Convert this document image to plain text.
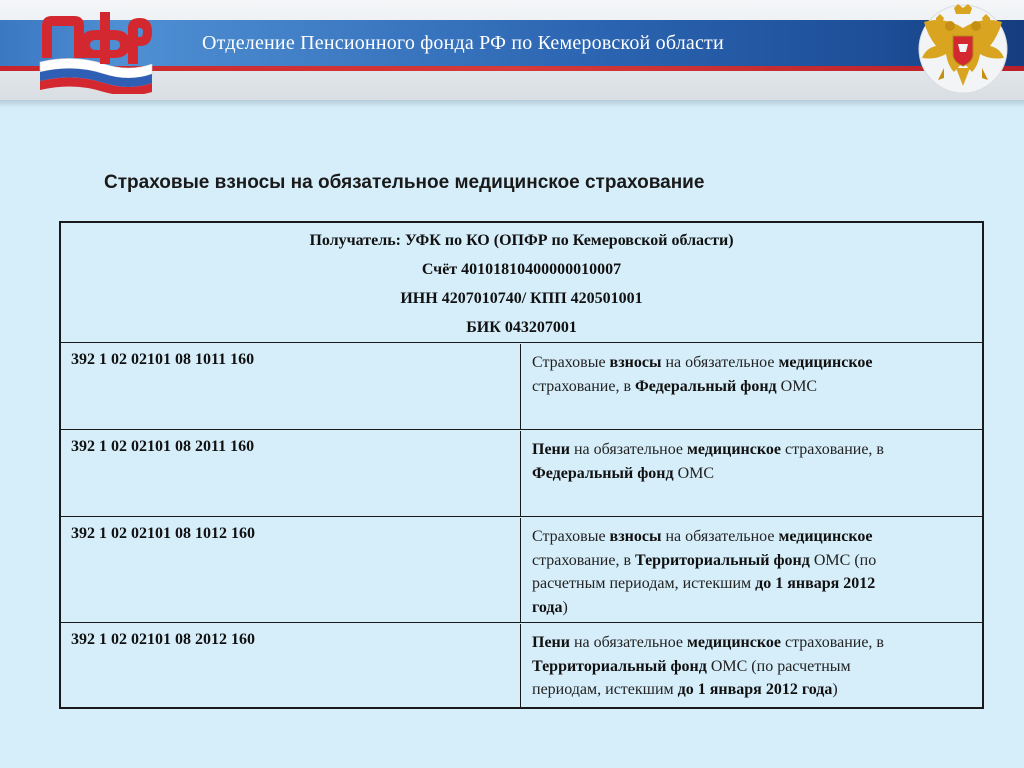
Отделение Пенсионного фонда РФ по Кемеровской области
Страховые взносы на обязательное медицинское страхование
Получатель: УФК по КО (ОПФР по Кемеровской области)
Счёт 40101810400000010007
ИНН 4207010740/ КПП 420501001
БИК 043207001
392 1 02 02101 08 1011 160	Страховые взносы на обязательное медицинское
страхование, в Федеральный фонд ОМС
392 1 02 02101 08 2011 160	Пени на обязательное медицинское страхование, в
Федеральный фонд ОМС
392 1 02 02101 08 1012 160	Страховые взносы на обязательное медицинское
страхование, в Территориальный фонд ОМС (по
расчетным периодам, истекшим до 1 января 2012
года)
392 1 02 02101 08 2012 160	Пени на обязательное медицинское страхование, в
Территориальный фонд ОМС (по расчетным
периодам, истекшим до 1 января 2012 года)
